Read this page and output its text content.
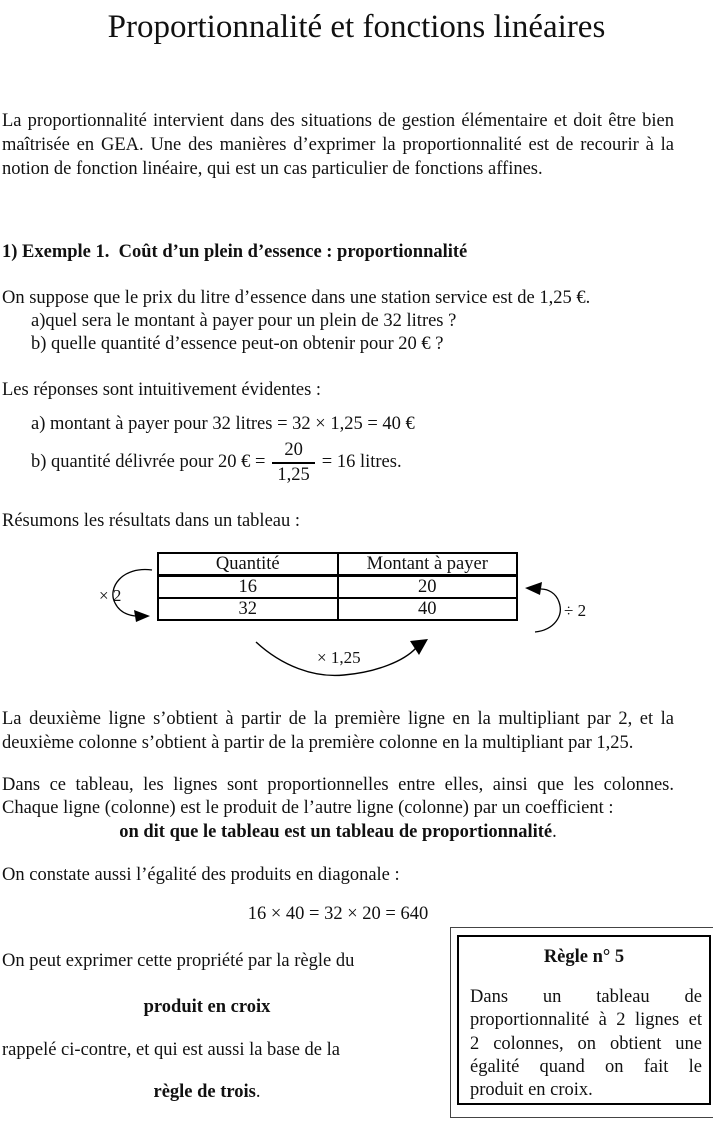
Proportionnalité et fonctions linéaires
La proportionnalité intervient dans des situations de gestion élémentaire et doit être bien
maîtrisée en GEA. Une des manières d’exprimer la proportionnalité est de recourir à la
notion de fonction linéaire, qui est un cas particulier de fonctions affines.
1) Exemple 1.  Coût d’un plein d’essence : proportionnalité
On suppose que le prix du litre d’essence dans une station service est de 1,25 €.
a)quel sera le montant à payer pour un plein de 32 litres ?
b) quelle quantité d’essence peut-on obtenir pour 20 € ?
Les réponses sont intuitivement évidentes :
a) montant à payer pour 32 litres = 32 × 1,25 = 40 €
b) quantité délivrée pour 20 € = $\frac{20}{1,25} = 16$ litres.
Résumons les résultats dans un tableau :
Quantité	Montant à payer
16	20
32	40
× 2
÷ 2
× 1,25
La deuxième ligne s’obtient à partir de la première ligne en la multipliant par 2, et la
deuxième colonne s’obtient à partir de la première colonne en la multipliant par 1,25.
Dans ce tableau, les lignes sont proportionnelles entre elles, ainsi que les colonnes.
Chaque ligne (colonne) est le produit de l’autre ligne (colonne) par un coefficient :
on dit que le tableau est un tableau de proportionnalité.
On constate aussi l’égalité des produits en diagonale :
16 × 40 = 32 × 20 = 640
On peut exprimer cette propriété par la règle du
produit en croix
rappelé ci-contre, et qui est aussi la base de la
règle de trois.
Règle n° 5
Dans un tableau de
proportionnalité à 2 lignes et
2 colonnes, on obtient une
égalité quand on fait le
produit en croix.
